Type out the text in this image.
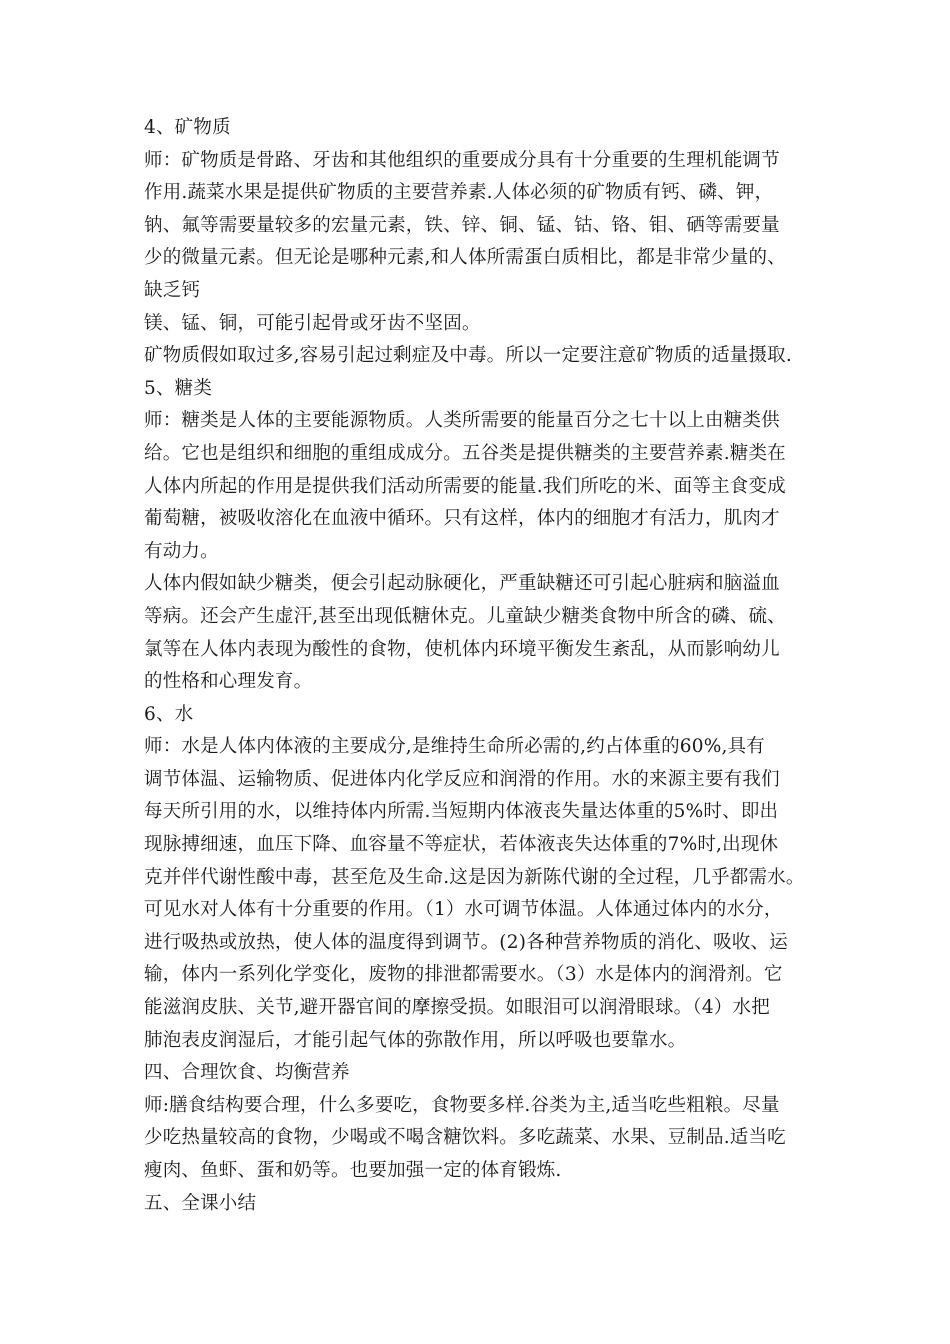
4、矿物质
师：矿物质是骨路、牙齿和其他组织的重要成分具有十分重要的生理机能调节
作用.蔬菜水果是提供矿物质的主要营养素.人体必须的矿物质有钙、磷、钾，
钠、氟等需要量较多的宏量元素，铁、锌、铜、锰、钴、铬、钼、硒等需要量
少的微量元素。但无论是哪种元素,和人体所需蛋白质相比，都是非常少量的、
缺乏钙
镁、锰、铜，可能引起骨或牙齿不坚固。
矿物质假如取过多,容易引起过剩症及中毒。所以一定要注意矿物质的适量摄取.
5、糖类
师：糖类是人体的主要能源物质。人类所需要的能量百分之七十以上由糖类供
给。它也是组织和细胞的重组成成分。五谷类是提供糖类的主要营养素.糖类在
人体内所起的作用是提供我们活动所需要的能量.我们所吃的米、面等主食变成
葡萄糖，被吸收溶化在血液中循环。只有这样，体内的细胞才有活力，肌肉才
有动力。
人体内假如缺少糖类，便会引起动脉硬化，严重缺糖还可引起心脏病和脑溢血
等病。还会产生虚汗,甚至出现低糖休克。儿童缺少糖类食物中所含的磷、硫、
氯等在人体内表现为酸性的食物，使机体内环境平衡发生紊乱，从而影响幼儿
的性格和心理发育。
6、水
师：水是人体内体液的主要成分,是维持生命所必需的,约占体重的60%,具有
调节体温、运输物质、促进体内化学反应和润滑的作用。水的来源主要有我们
每天所引用的水，以维持体内所需.当短期内体液丧失量达体重的5%时、即出
现脉搏细速，血压下降、血容量不等症状，若体液丧失达体重的7%时,出现休
克并伴代谢性酸中毒，甚至危及生命.这是因为新陈代谢的全过程，几乎都需水。
可见水对人体有十分重要的作用。（1）水可调节体温。人体通过体内的水分，
进行吸热或放热，使人体的温度得到调节。(2)各种营养物质的消化、吸收、运
输，体内一系列化学变化，废物的排泄都需要水。（3）水是体内的润滑剂。它
能滋润皮肤、关节,避开器官间的摩擦受损。如眼泪可以润滑眼球。（4）水把
肺泡表皮润湿后，才能引起气体的弥散作用，所以呼吸也要靠水。
四、合理饮食、均衡营养
师:膳食结构要合理，什么多要吃，食物要多样.谷类为主,适当吃些粗粮。尽量
少吃热量较高的食物，少喝或不喝含糖饮料。多吃蔬菜、水果、豆制品.适当吃
瘦肉、鱼虾、蛋和奶等。也要加强一定的体育锻炼.
五、全课小结
